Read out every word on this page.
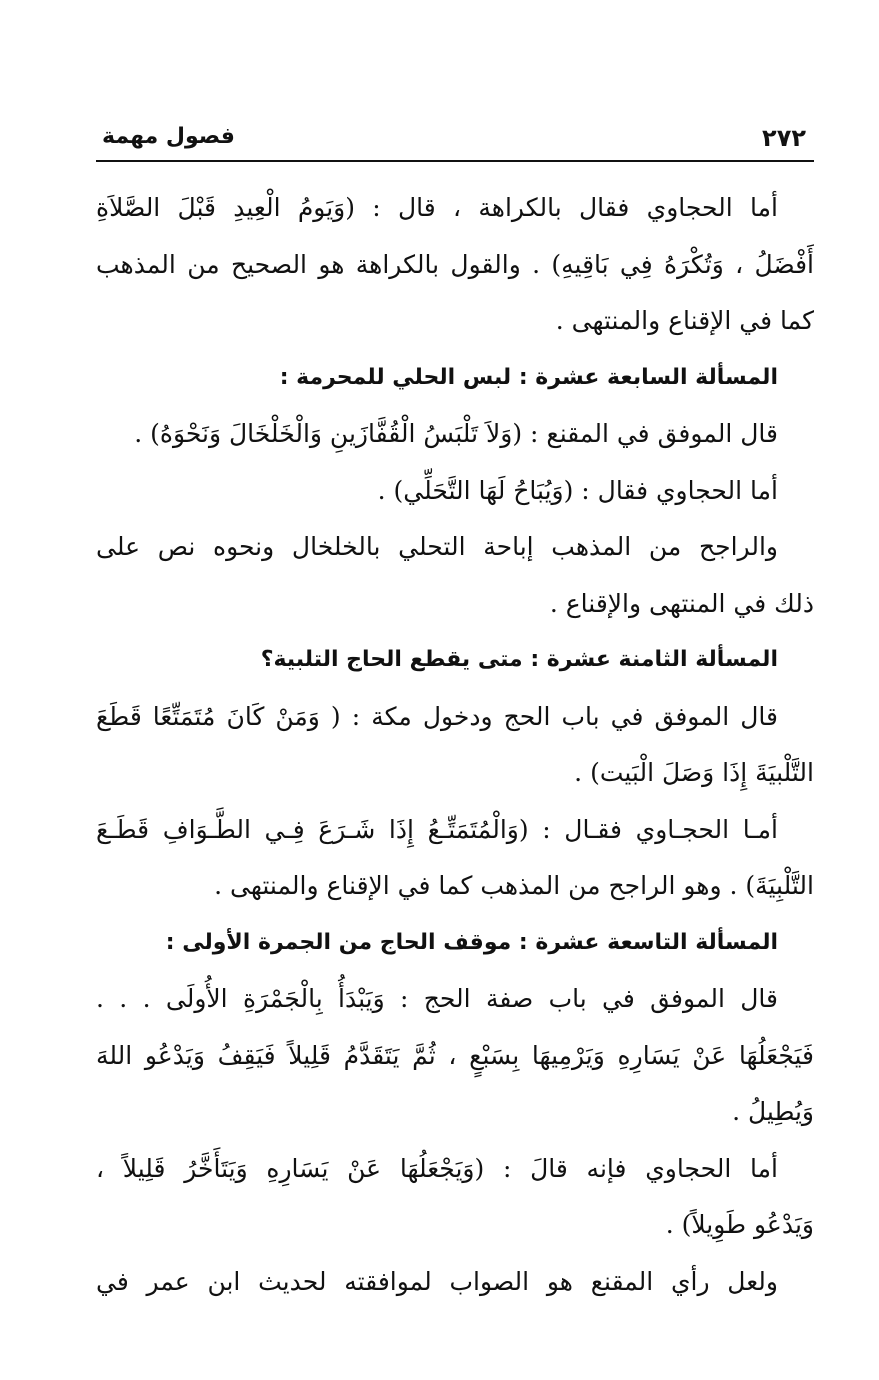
٢٧٢
فصول مهمة
أما الحجاوي فقال بالكراهة ، قال : (وَيَومُ الْعِيدِ قَبْلَ الصَّلاَةِ
أَفْضَلُ ، وَتُكْرَهُ فِي بَاقِيهِ) . والقول بالكراهة هو الصحيح من المذهب
كما في الإقناع والمنتهى .
المسألة السابعة عشرة : لبس الحلي للمحرمة :
قال الموفق في المقنع : (وَلاَ تَلْبَسُ الْقُفَّازَينِ وَالْخَلْخَالَ وَنَحْوَهُ) .
أما الحجاوي فقال : (وَيُبَاحُ لَهَا التَّحَلِّي) .
والراجح من المذهب إباحة التحلي بالخلخال ونحوه نص على
ذلك في المنتهى والإقناع .
المسألة الثامنة عشرة : متى يقطع الحاج التلبية؟
قال الموفق في باب الحج ودخول مكة : ( وَمَنْ كَانَ مُتَمَتِّعًا قَطَعَ
التَّلْبيَةَ إِذَا وَصَلَ الْبَيت) .
أمـا الحجـاوي فقـال : (وَالْمُتَمَتِّـعُ إِذَا شَـرَعَ فِـي الطَّـوَافِ قَطَـعَ
التَّلْبِيَةَ) . وهو الراجح من المذهب كما في الإقناع والمنتهى .
المسألة التاسعة عشرة : موقف الحاج من الجمرة الأولى :
قال الموفق في باب صفة الحج : وَيَبْدَأُ بِالْجَمْرَةِ الأُولَى . . .
فَيَجْعَلُهَا عَنْ يَسَارِهِ وَيَرْمِيهَا بِسَبْعٍ ، ثُمَّ يَتَقَدَّمُ قَلِيلاً فَيَقِفُ وَيَدْعُو اللهَ
وَيُطِيلُ .
أما الحجاوي فإنه قالَ : (وَيَجْعَلُهَا عَنْ يَسَارِهِ وَيَتَأَخَّرُ قَلِيلاً ،
وَيَدْعُو طَوِيلاً) .
ولعل رأي المقنع هو الصواب لموافقته لحديث ابن عمر في
